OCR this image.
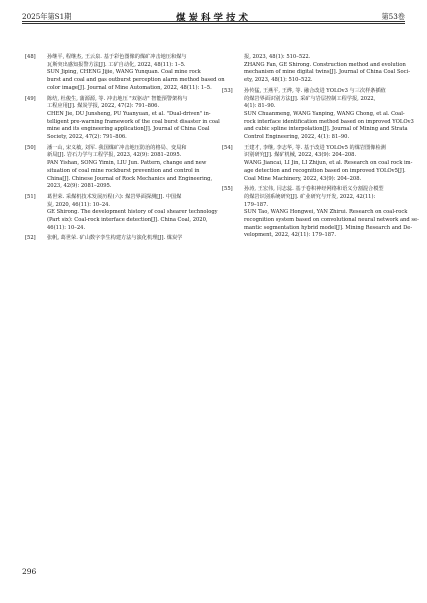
2025年第S1期	煤炭科学技术	第53卷
[48] 孙继平, 程继杰, 王云泉. 基于彩色图像的煤矿冲击地压和煤与
瓦斯突出感知报警方法[J]. 工矿自动化, 2022, 48(11): 1–5.
SUN Jiping, CHENG Jijie, WANG Yunquan. Coal mine rock
burst and coal and gas outburst perception alarm method based on
color image[J]. Journal of Mine Automation, 2022, 48(11): 1–5.
[49] 陈结, 杜俊生, 蒲源源, 等. 冲击地压 "双驱动" 智能预警架构与
工程应用[J]. 煤炭学报, 2022, 47(2): 791–806.
CHEN Jie, DU Junsheng, PU Yuanyuan, et al. "Dual-driven" in-
telligent pre-warning framework of the coal burst disaster in coal
mine and its engineering application[J]. Journal of China Coal
Society, 2022, 47(2): 791–806.
[50] 潘一山, 宋义敏, 刘军. 我国煤矿冲击地压防治的格局、变局和
新局[J]. 岩石力学与工程学报, 2023, 42(9): 2081–2095.
PAN Yishan, SONG Yimin, LIU Jun. Pattern, change and new
situation of coal mine rockburst prevention and control in
China[J]. Chinese Journal of Rock Mechanics and Engineering,
2023, 42(9): 2081–2095.
[51] 葛世荣. 采煤机技术发展历程(六): 煤岩界面探测[J]. 中国煤
炭, 2020, 46(11): 10–24.
GE Shirong. The development history of coal shearer technology
(Part six): Coal-rock interface detection[J]. China Coal, 2020,
46(11): 10–24.
[52] 张帆, 葛世荣. 矿山数字孪生构建方法与演化机理[J]. 煤炭学
报, 2023, 48(1): 510–522.
ZHANG Fan, GE Shirong. Construction method and evolution
mechanism of mine digital twins[J]. Journal of China Coal Soci-
ety, 2023, 48(1): 510–522.
[53] 孙传猛, 王燕平, 王烨, 等. 融合改进 YOLOv3 与三次样条插值
的煤岩界面识别方法[J]. 采矿与岩层控制工程学报, 2022,
4(1): 81–90.
SUN Chuanmeng, WANG Yanping, WANG Chong, et al. Coal-
rock interface identification method based on improved YOLOv3
and cubic spline interpolation[J]. Journal of Mining and Strata
Control Engineering, 2022, 4(1): 81–90.
[54] 王建才, 李继, 李志华, 等. 基于改进 YOLOv5 的煤岩图像检测
识别研究[J]. 煤矿机械, 2022, 43(9): 204–208.
WANG Jiancai, LI Jin, LI Zhijun, et al. Research on coal rock im-
age detection and recognition based on improved YOLOv5[J].
Coal Mine Machinery, 2022, 43(9): 204–208.
[55] 孙涛, 王宏伟, 闫志蕊. 基于卷积神经网络和语义分割混合模型
的煤岩识别系统研究[J]. 矿业研究与开发, 2022, 42(11):
179–187.
SUN Tao, WANG Hongwei, YAN Zhirui. Research on coal-rock
recognition system based on convolutional neural network and se-
mantic segmentation hybrid model[J]. Mining Research and De-
velopment, 2022, 42(11): 179–187.
296
